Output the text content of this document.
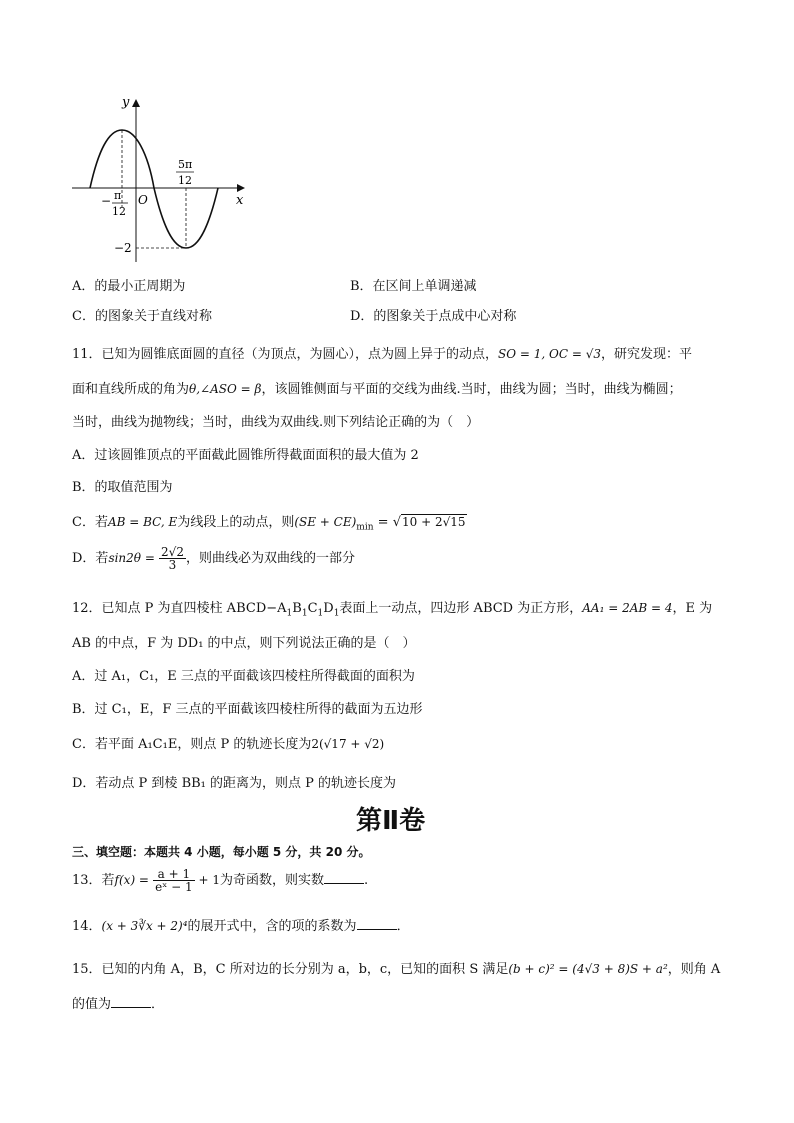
y
x
O
− π
12
5π
12
−2
A．的最小正周期为	B．在区间上单调递减
C．的图象关于直线对称	D．的图象关于点成中心对称
11．已知为圆锥底面圆的直径（为顶点，为圆心），点为圆上异于的动点，SO = 1, OC = √3，研究发现：平
面和直线所成的角为θ,∠ASO = β，该圆锥侧面与平面的交线为曲线.当时，曲线为圆；当时，曲线为椭圆；
当时，曲线为抛物线；当时，曲线为双曲线.则下列结论正确的为（　）
A．过该圆锥顶点的平面截此圆锥所得截面面积的最大值为 2
B．的取值范围为
C．若AB = BC, E为线段上的动点，则$(SE + CE)_{min} = √10 + 2√15$
D．若$\sin 2\theta = \frac{2√2}{3}$ ，则曲线必为双曲线的一部分
12．已知点 P 为直四棱柱 $ABCD-A_1B_1C_1D_1$表面上一动点，四边形 ABCD 为正方形，AA₁ = 2AB = 4，E 为
AB 的中点，F 为 DD₁ 的中点，则下列说法正确的是（　）
A．过 A₁，C₁，E 三点的平面截该四棱柱所得截面的面积为
B．过 C₁，E，F 三点的平面截该四棱柱所得的截面为五边形
C．若平面 A₁C₁E，则点 P 的轨迹长度为2(√17 + √2)
D．若动点 P 到棱 BB₁ 的距离为，则点 P 的轨迹长度为
第Ⅱ卷
三、填空题：本题共 4 小题，每小题 5 分，共 20 分。
13．若$f(x) = \frac{a + 1}{\text{eˣ − 1}} + 1$为奇函数，则实数	.
14．(x + 3∛x + 2)⁴的展开式中，含的项的系数为	．
15．已知的内角 A，B，C 所对边的长分别为 a，b，c，已知的面积 S 满足(b + c)² = (4√3 + 8)S + a²，则角 A
的值为	．
